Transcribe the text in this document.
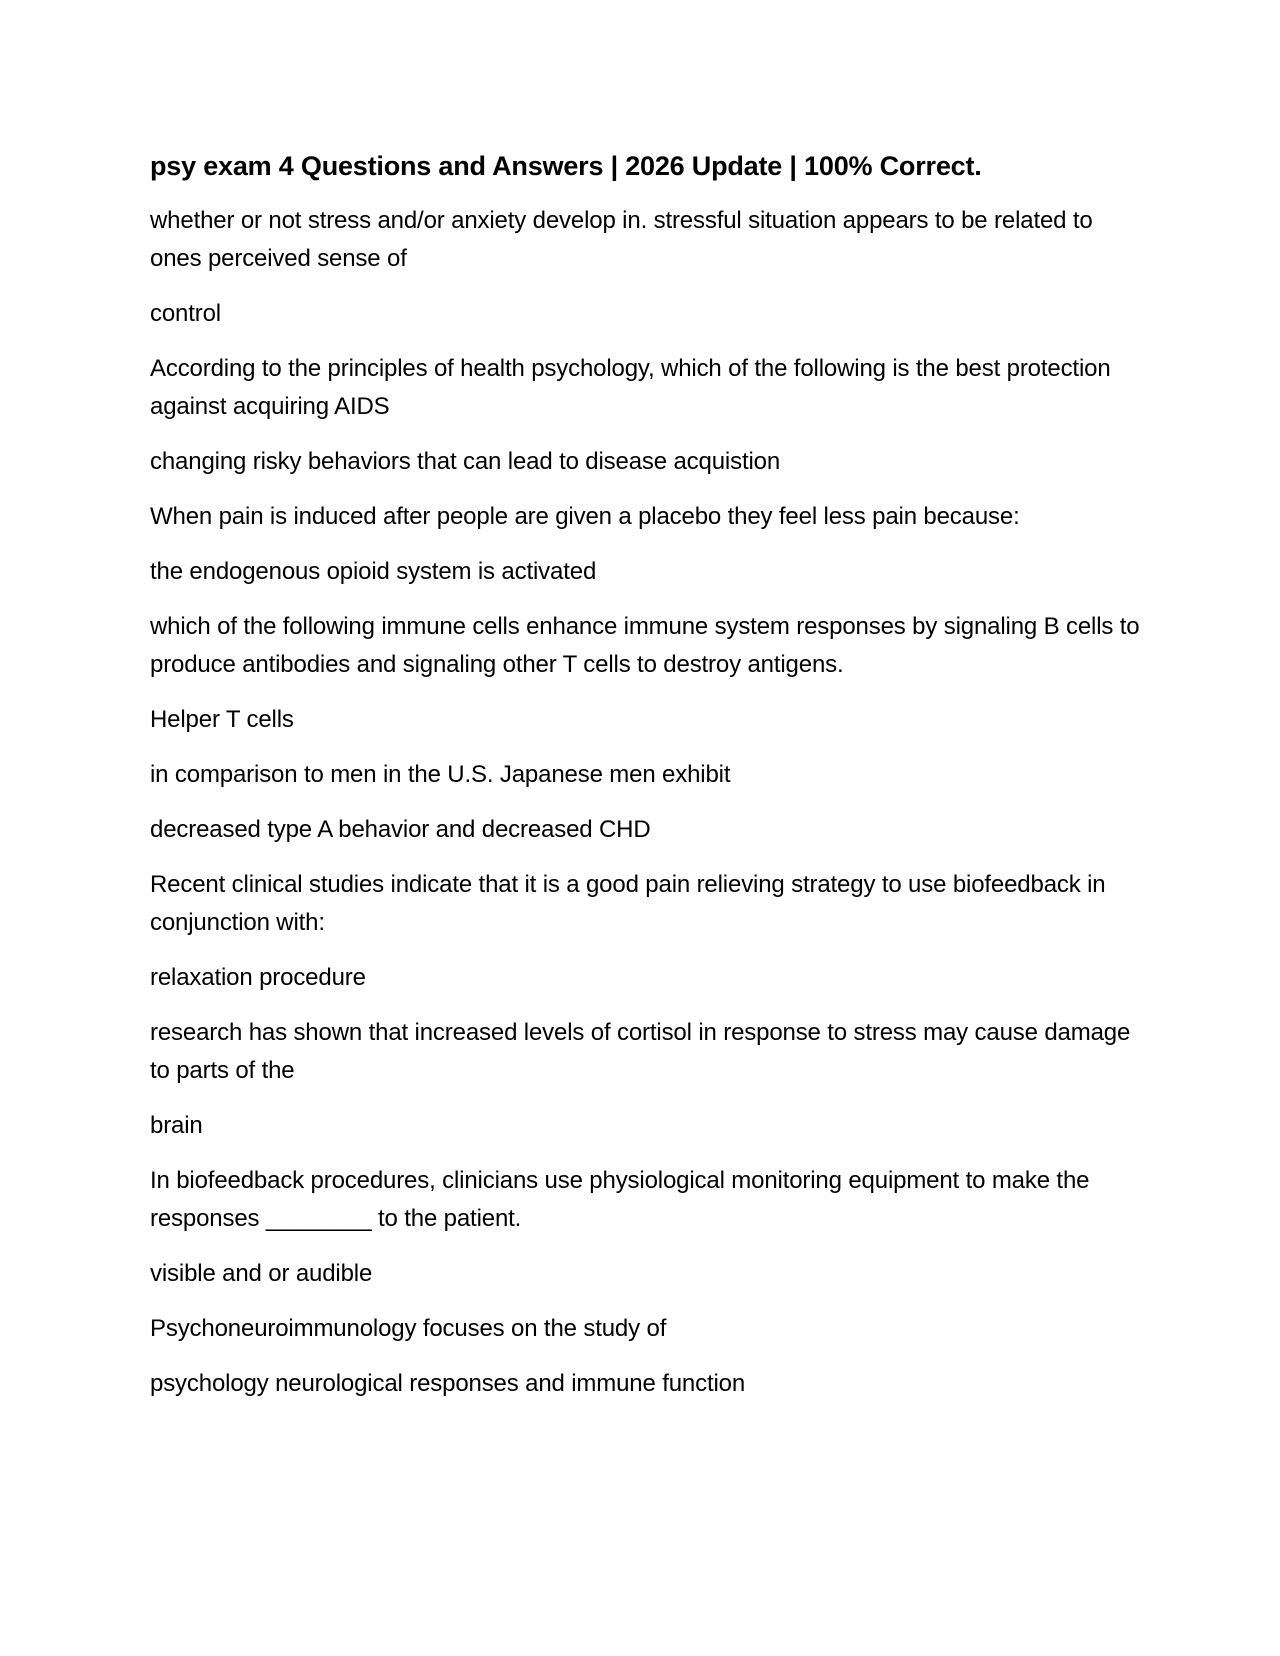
psy exam 4 Questions and Answers | 2026 Update | 100% Correct.

whether or not stress and/or anxiety develop in. stressful situation appears to be related to ones perceived sense of

control

According to the principles of health psychology, which of the following is the best protection against acquiring AIDS

changing risky behaviors that can lead to disease acquistion

When pain is induced after people are given a placebo they feel less pain because:

the endogenous opioid system is activated

which of the following immune cells enhance immune system responses by signaling B cells to produce antibodies and signaling other T cells to destroy antigens.

Helper T cells

in comparison to men in the U.S. Japanese men exhibit

decreased type A behavior and decreased CHD

Recent clinical studies indicate that it is a good pain relieving strategy to use biofeedback in conjunction with:

relaxation procedure

research has shown that increased levels of cortisol in response to stress may cause damage to parts of the

brain

In biofeedback procedures, clinicians use physiological monitoring equipment to make the responses ________ to the patient.

visible and or audible

Psychoneuroimmunology focuses on the study of

psychology neurological responses and immune function
